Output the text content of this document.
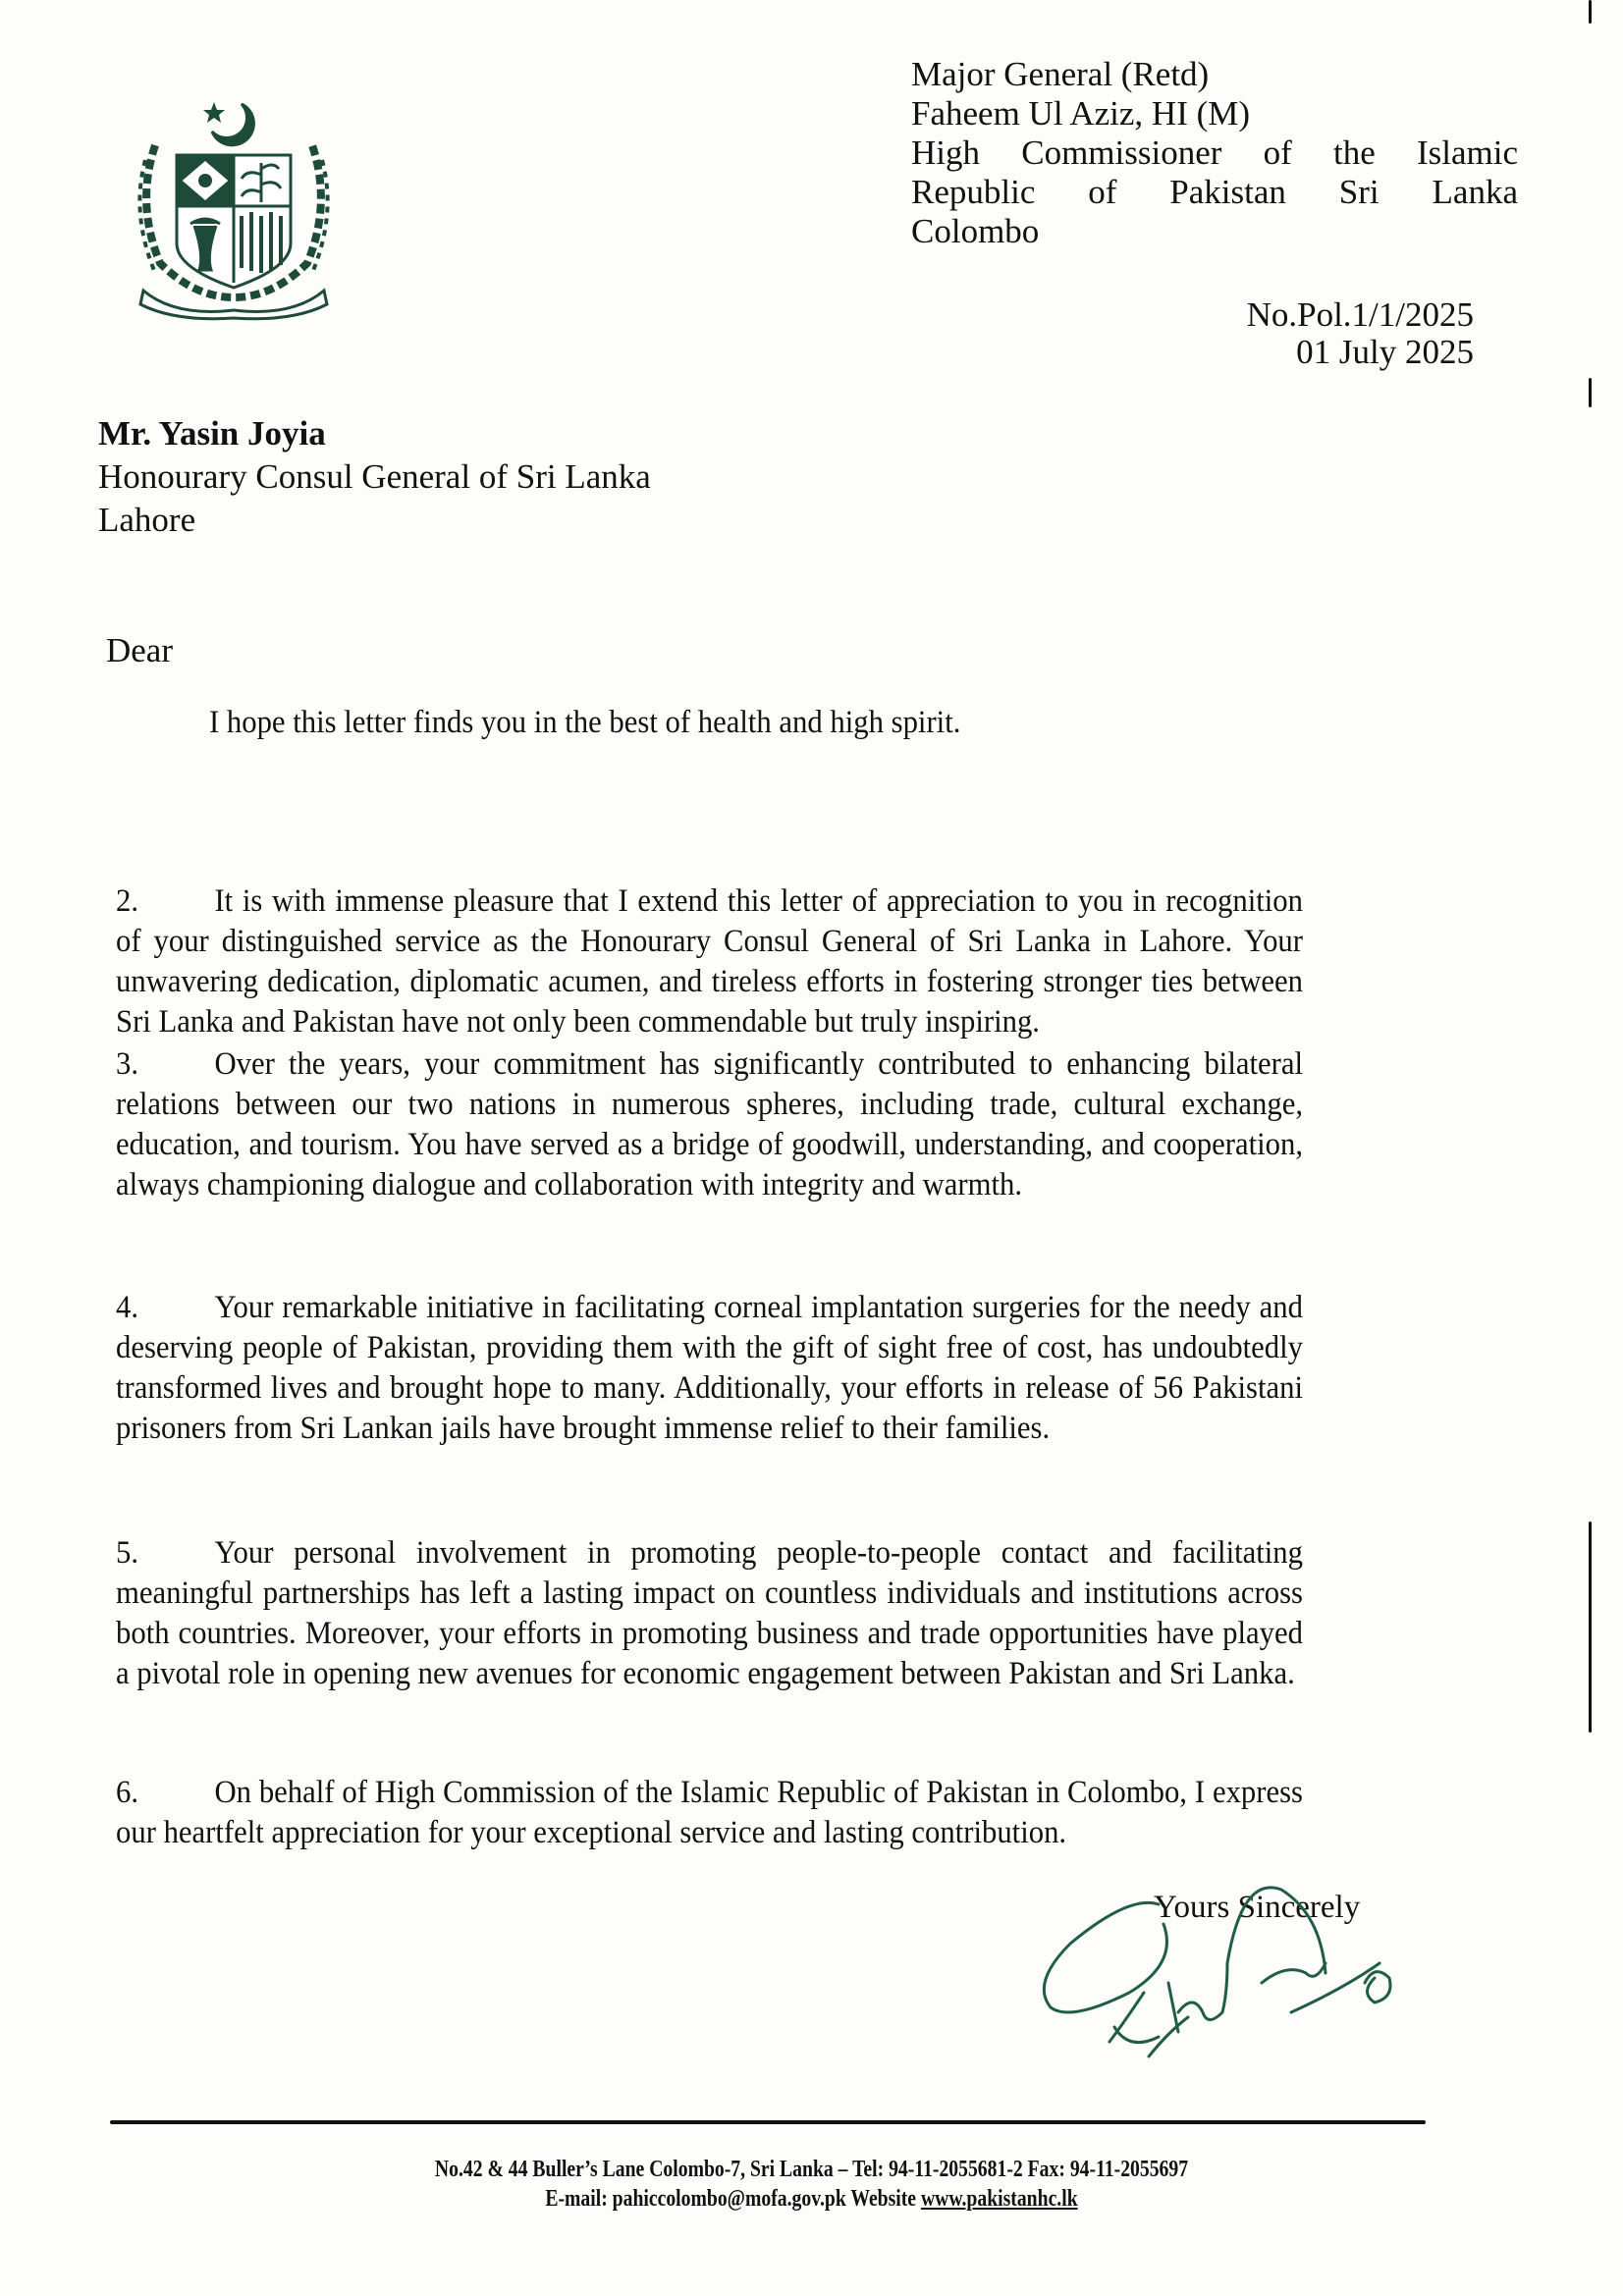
Major General (Retd)
Faheem Ul Aziz, HI (M)
High Commissioner of the Islamic
Republic of Pakistan Sri Lanka
Colombo
No.Pol.1/1/2025
01 July 2025
Mr. Yasin Joyia
Honourary Consul General of Sri Lanka
Lahore
Dear
I hope this letter finds you in the best of health and high spirit.
2. It is with immense pleasure that I extend this letter of appreciation to you in recognition of your distinguished service as the Honourary Consul General of Sri Lanka in Lahore. Your unwavering dedication, diplomatic acumen, and tireless efforts in fostering stronger ties between Sri Lanka and Pakistan have not only been commendable but truly inspiring.
3. Over the years, your commitment has significantly contributed to enhancing bilateral relations between our two nations in numerous spheres, including trade, cultural exchange, education, and tourism. You have served as a bridge of goodwill, understanding, and cooperation, always championing dialogue and collaboration with integrity and warmth.
4. Your remarkable initiative in facilitating corneal implantation surgeries for the needy and deserving people of Pakistan, providing them with the gift of sight free of cost, has undoubtedly transformed lives and brought hope to many. Additionally, your efforts in release of 56 Pakistani prisoners from Sri Lankan jails have brought immense relief to their families.
5. Your personal involvement in promoting people-to-people contact and facilitating meaningful partnerships has left a lasting impact on countless individuals and institutions across both countries. Moreover, your efforts in promoting business and trade opportunities have played a pivotal role in opening new avenues for economic engagement between Pakistan and Sri Lanka.
6. On behalf of High Commission of the Islamic Republic of Pakistan in Colombo, I express our heartfelt appreciation for your exceptional service and lasting contribution.
Yours Sincerely
No.42 & 44 Buller’s Lane Colombo-7, Sri Lanka – Tel: 94-11-2055681-2 Fax: 94-11-2055697
E-mail: pahiccolombo@mofa.gov.pk Website www.pakistanhc.lk
